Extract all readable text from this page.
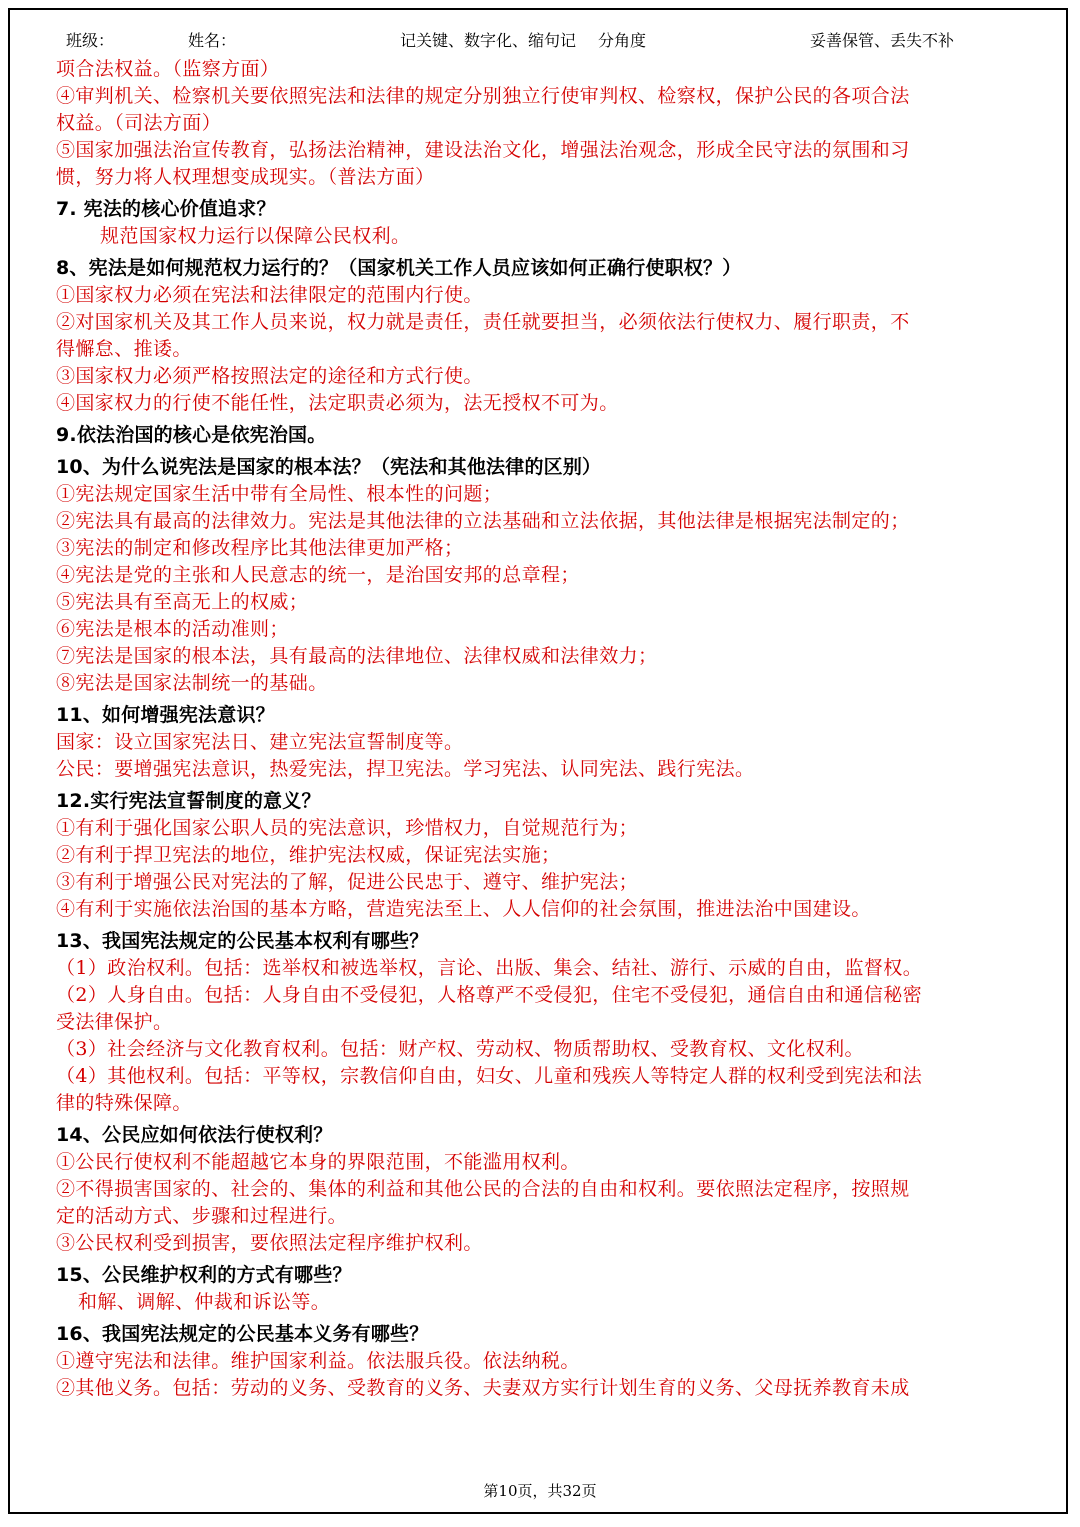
班级：	姓名：	记关键、数字化、缩句记 分角度	妥善保管、丢失不补
项合法权益。（监察方面）
④审判机关、检察机关要依照宪法和法律的规定分别独立行使审判权、检察权，保护公民的各项合法
权益。（司法方面）
⑤国家加强法治宣传教育，弘扬法治精神，建设法治文化，增强法治观念，形成全民守法的氛围和习
惯，努力将人权理想变成现实。（普法方面）
7. 宪法的核心价值追求？
规范国家权力运行以保障公民权利。
8、宪法是如何规范权力运行的？（国家机关工作人员应该如何正确行使职权？）
①国家权力必须在宪法和法律限定的范围内行使。
②对国家机关及其工作人员来说，权力就是责任，责任就要担当，必须依法行使权力、履行职责，不
得懈怠、推诿。
③国家权力必须严格按照法定的途径和方式行使。
④国家权力的行使不能任性，法定职责必须为，法无授权不可为。
9.依法治国的核心是依宪治国。
10、为什么说宪法是国家的根本法？（宪法和其他法律的区别）
①宪法规定国家生活中带有全局性、根本性的问题；
②宪法具有最高的法律效力。宪法是其他法律的立法基础和立法依据，其他法律是根据宪法制定的；
③宪法的制定和修改程序比其他法律更加严格；
④宪法是党的主张和人民意志的统一，是治国安邦的总章程；
⑤宪法具有至高无上的权威；
⑥宪法是根本的活动准则；
⑦宪法是国家的根本法，具有最高的法律地位、法律权威和法律效力；
⑧宪法是国家法制统一的基础。
11、如何增强宪法意识？
国家：设立国家宪法日、建立宪法宣誓制度等。
公民：要增强宪法意识，热爱宪法，捍卫宪法。学习宪法、认同宪法、践行宪法。
12.实行宪法宣誓制度的意义？
①有利于强化国家公职人员的宪法意识，珍惜权力，自觉规范行为；
②有利于捍卫宪法的地位，维护宪法权威，保证宪法实施；
③有利于增强公民对宪法的了解，促进公民忠于、遵守、维护宪法；
④有利于实施依法治国的基本方略，营造宪法至上、人人信仰的社会氛围，推进法治中国建设。
13、我国宪法规定的公民基本权利有哪些？
（1）政治权利。包括：选举权和被选举权，言论、出版、集会、结社、游行、示威的自由，监督权。
（2）人身自由。包括：人身自由不受侵犯，人格尊严不受侵犯，住宅不受侵犯，通信自由和通信秘密
受法律保护。
（3）社会经济与文化教育权利。包括：财产权、劳动权、物质帮助权、受教育权、文化权利。
（4）其他权利。包括：平等权，宗教信仰自由，妇女、儿童和残疾人等特定人群的权利受到宪法和法
律的特殊保障。
14、公民应如何依法行使权利？
①公民行使权利不能超越它本身的界限范围，不能滥用权利。
②不得损害国家的、社会的、集体的利益和其他公民的合法的自由和权利。要依照法定程序，按照规
定的活动方式、步骤和过程进行。
③公民权利受到损害，要依照法定程序维护权利。
15、公民维护权利的方式有哪些？
和解、调解、仲裁和诉讼等。
16、我国宪法规定的公民基本义务有哪些？
①遵守宪法和法律。维护国家利益。依法服兵役。依法纳税。
②其他义务。包括：劳动的义务、受教育的义务、夫妻双方实行计划生育的义务、父母抚养教育未成
第10页，共32页
